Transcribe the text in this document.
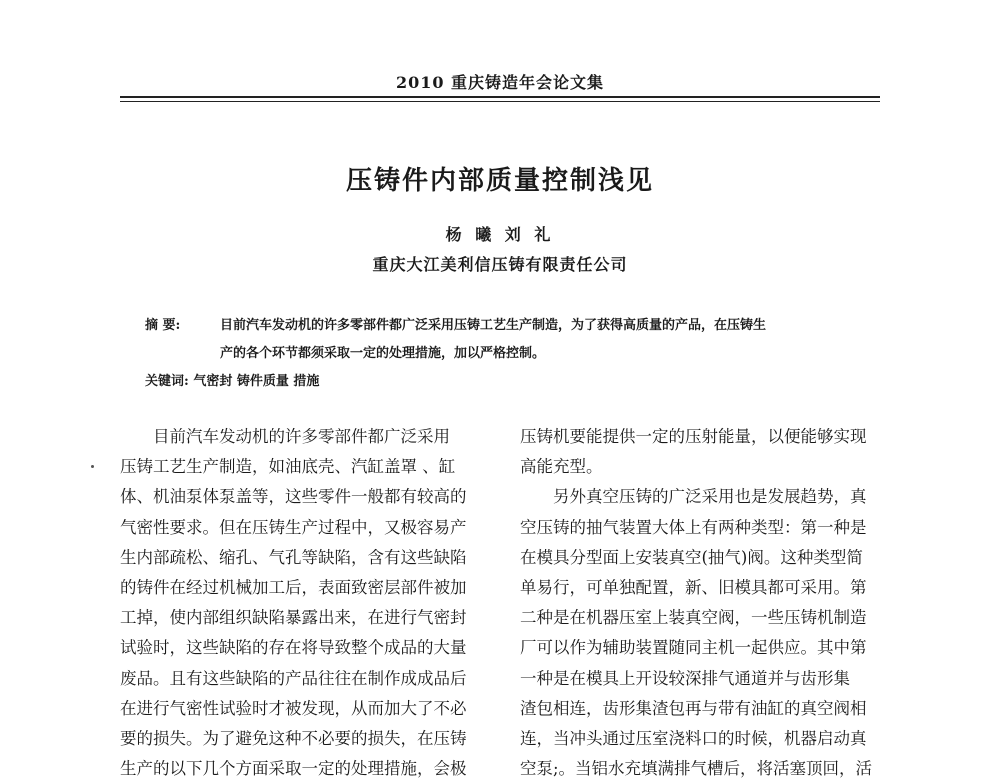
2010 重庆铸造年会论文集
压铸件内部质量控制浅见
杨 曦 刘 礼
重庆大江美利信压铸有限责任公司
摘 要:	目前汽车发动机的许多零部件都广泛采用压铸工艺生产制造，为了获得高质量的产品，在压铸生
产的各个环节都须采取一定的处理措施，加以严格控制。
关键词: 气密封 铸件质量 措施

目前汽车发动机的许多零部件都广泛采用

压铸工艺生产制造，如油底壳、汽缸盖罩 、缸

体、机油泵体泵盖等，这些零件一般都有较高的

气密性要求。但在压铸生产过程中，又极容易产

生内部疏松、缩孔、气孔等缺陷，含有这些缺陷

的铸件在经过机械加工后，表面致密层部件被加

工掉，使内部组织缺陷暴露出来，在进行气密封

试验时，这些缺陷的存在将导致整个成品的大量

废品。且有这些缺陷的产品往往在制作成成品后

在进行气密性试验时才被发现，从而加大了不必

要的损失。为了避免这种不必要的损失，在压铸

生产的以下几个方面采取一定的处理措施，会极

压铸机要能提供一定的压射能量，以便能够实现

高能充型。

另外真空压铸的广泛采用也是发展趋势，真

空压铸的抽气装置大体上有两种类型：第一种是

在模具分型面上安装真空(抽气)阀。这种类型简

单易行，可单独配置，新、旧模具都可采用。第

二种是在机器压室上装真空阀，一些压铸机制造

厂可以作为辅助装置随同主机一起供应。其中第

一种是在模具上开设较深排气通道并与齿形集

渣包相连，齿形集渣包再与带有油缸的真空阀相

连，当冲头通过压室浇料口的时候，机器启动真

空泵;。当铝水充填满排气槽后，将活塞顶回，活
